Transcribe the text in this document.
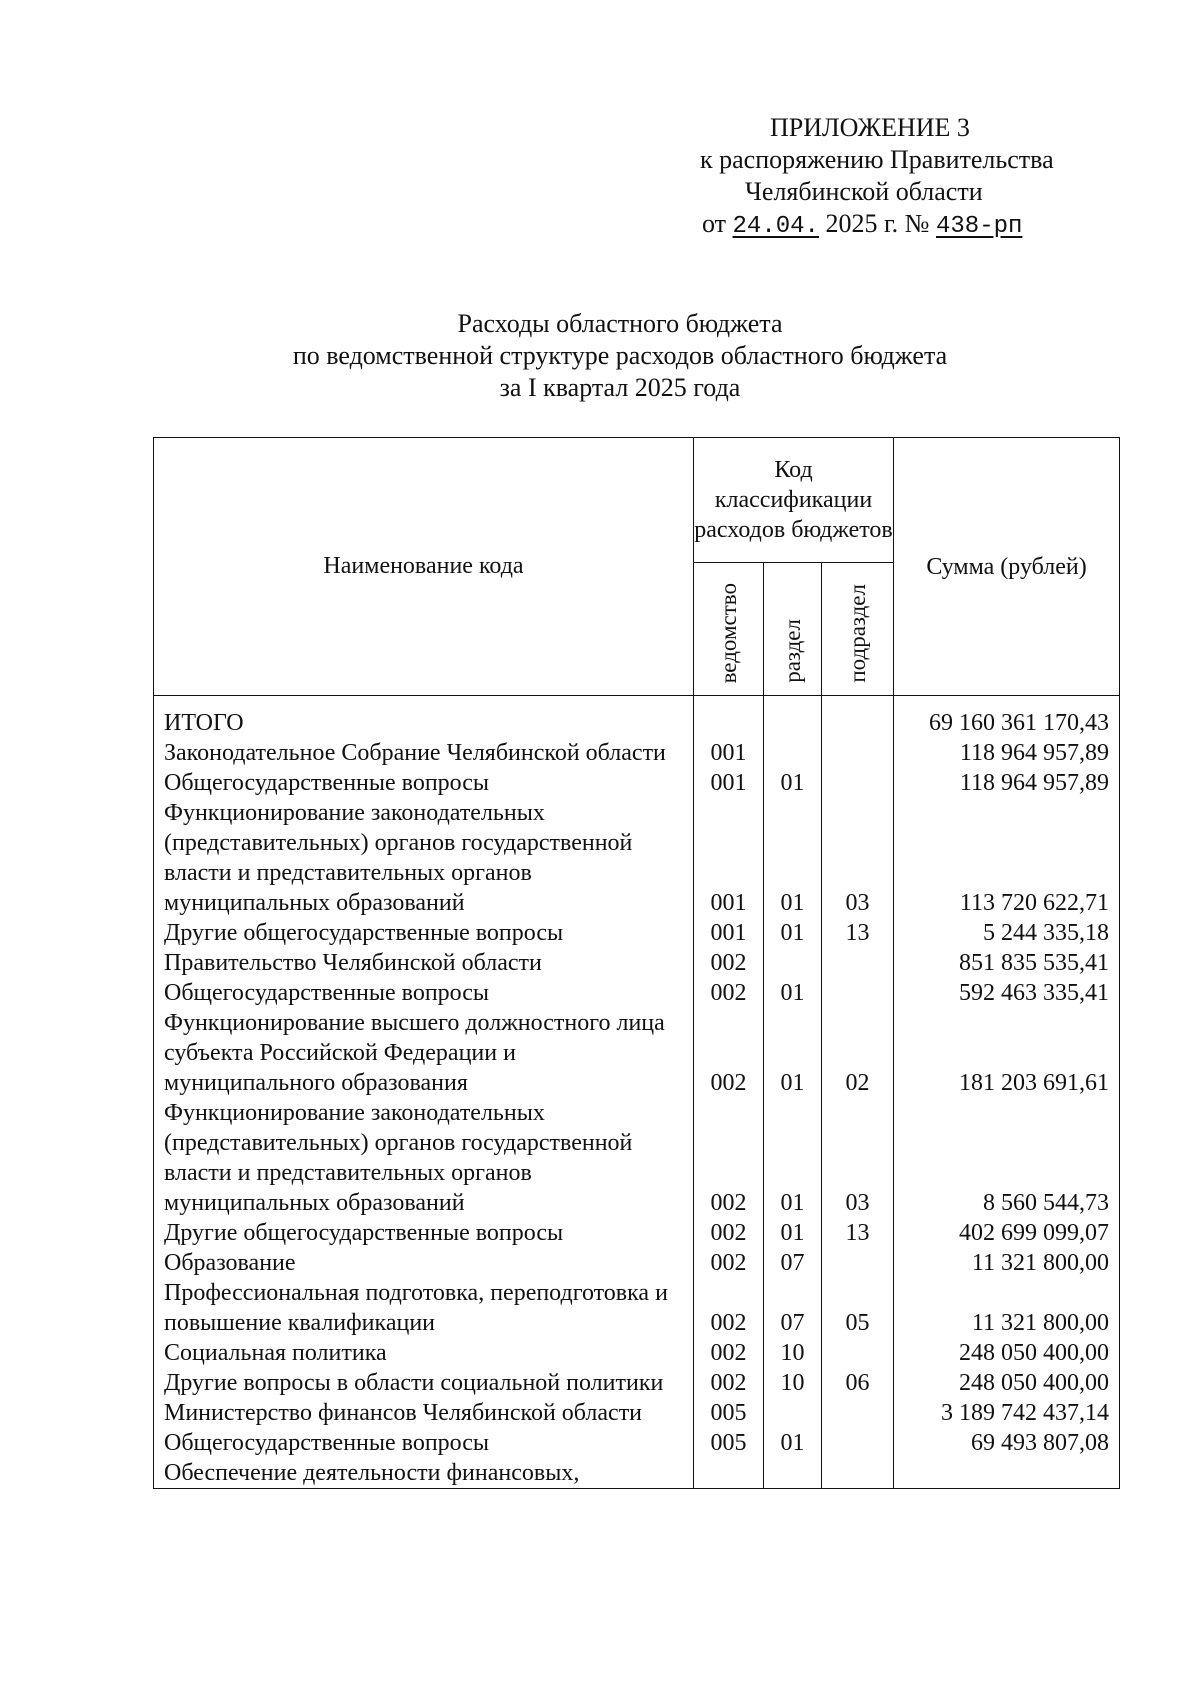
ПРИЛОЖЕНИЕ 3
к распоряжению Правительства
Челябинской области
от 24.04. 2025 г. № 438-рп
Расходы областного бюджета
по ведомственной структуре расходов областного бюджета
за I квартал 2025 года
Наименование кода	Код классификации расходов бюджетов			Сумма (рублей)

	ведомство	раздел	подраздел	

ИТОГО				69 160 361 170,43
Законодательное Собрание Челябинской области	001			118 964 957,89
Общегосударственные вопросы	001	01		118 964 957,89
Функционирование законодательных (представительных) органов государственной власти и представительных органов муниципальных образований	001	01	03	113 720 622,71
Другие общегосударственные вопросы	001	01	13	5 244 335,18
Правительство Челябинской области	002			851 835 535,41
Общегосударственные вопросы	002	01		592 463 335,41
Функционирование высшего должностного лица субъекта Российской Федерации и муниципального образования	002	01	02	181 203 691,61
Функционирование законодательных (представительных) органов государственной власти и представительных органов муниципальных образований	002	01	03	8 560 544,73
Другие общегосударственные вопросы	002	01	13	402 699 099,07
Образование	002	07		11 321 800,00
Профессиональная подготовка, переподготовка и повышение квалификации	002	07	05	11 321 800,00
Социальная политика	002	10		248 050 400,00
Другие вопросы в области социальной политики	002	10	06	248 050 400,00
Министерство финансов Челябинской области	005			3 189 742 437,14
Общегосударственные вопросы	005	01		69 493 807,08
Обеспечение деятельности финансовых,				
